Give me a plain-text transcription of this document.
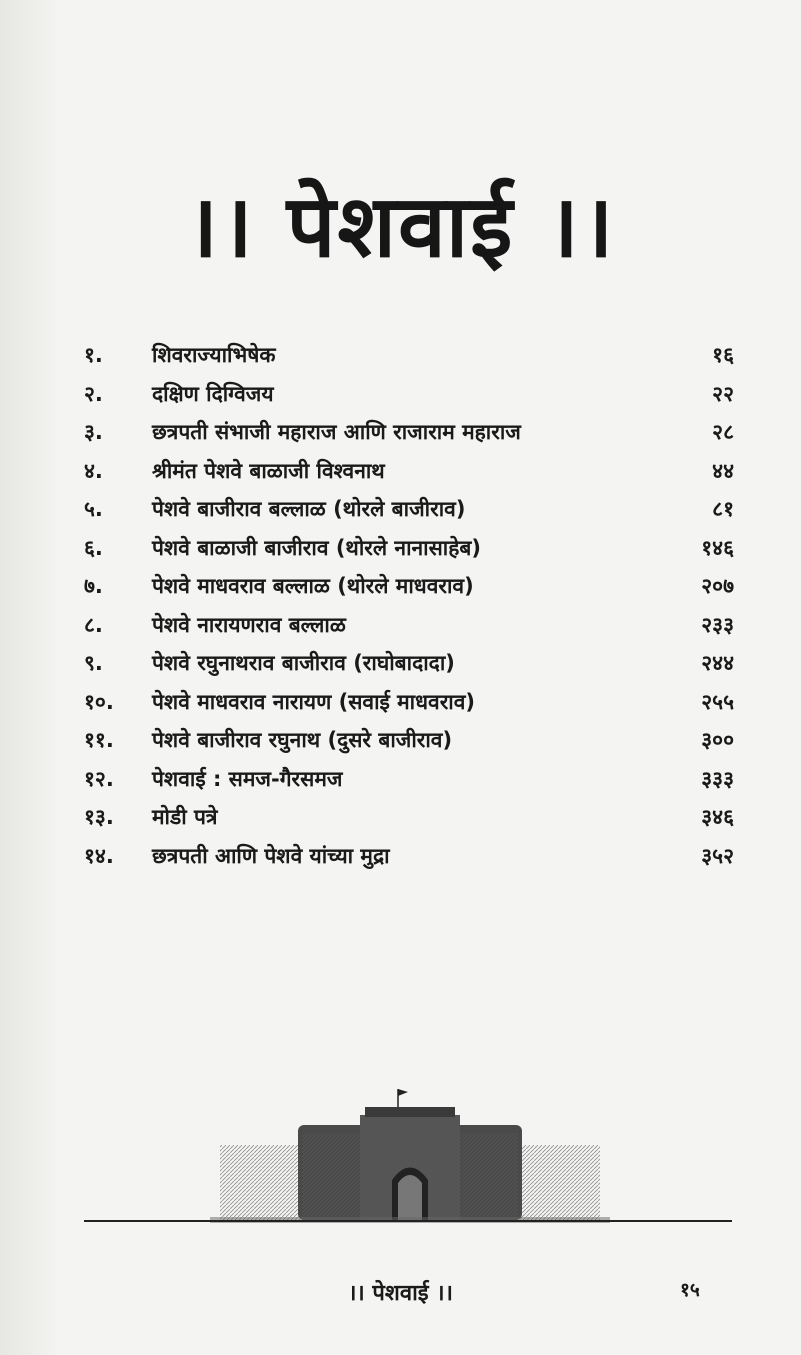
।। पेशवाई ।।
१. शिवराज्याभिषेक	१६
२. दक्षिण दिग्विजय	२२
३. छत्रपती संभाजी महाराज आणि राजाराम महाराज	२८
४. श्रीमंत पेशवे बाळाजी विश्वनाथ	४४
५. पेशवे बाजीराव बल्लाळ (थोरले बाजीराव)	८१
६. पेशवे बाळाजी बाजीराव (थोरले नानासाहेब)	१४६
७. पेशवे माधवराव बल्लाळ (थोरले माधवराव)	२०७
८. पेशवे नारायणराव बल्लाळ	२३३
९. पेशवे रघुनाथराव बाजीराव (राघोबादादा)	२४४
१०. पेशवे माधवराव नारायण (सवाई माधवराव)	२५५
११. पेशवे बाजीराव रघुनाथ (दुसरे बाजीराव)	३००
१२. पेशवाई : समज-गैरसमज	३३३
१३. मोडी पत्रे	३४६
१४. छत्रपती आणि पेशवे यांच्या मुद्रा	३५२
।। पेशवाई ।।	१५
